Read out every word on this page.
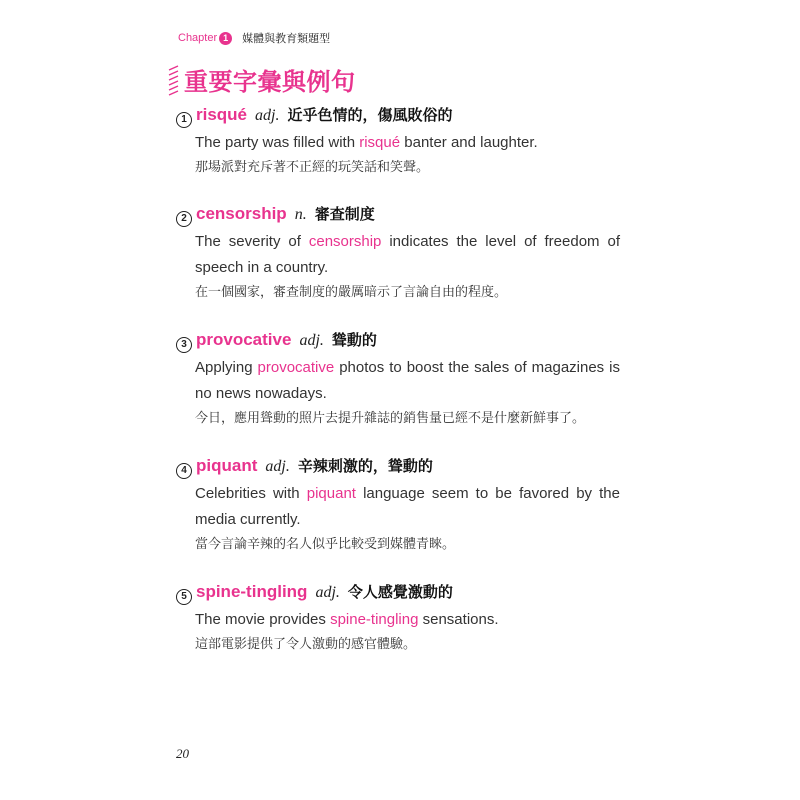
Chapter 1	媒體與教育類題型
重要字彙與例句
1 risqué adj. 近乎色情的，傷風敗俗的
The party was filled with risqué banter and laughter.
那場派對充斥著不正經的玩笑話和笑聲。
2 censorship n. 審查制度
The severity of censorship indicates the level of freedom of speech in a country.
在一個國家，審查制度的嚴厲暗示了言論自由的程度。
3 provocative adj. 聳動的
Applying provocative photos to boost the sales of magazines is no news nowadays.
今日，應用聳動的照片去提升雜誌的銷售量已經不是什麼新鮮事了。
4 piquant adj. 辛辣刺激的，聳動的
Celebrities with piquant language seem to be favored by the media currently.
當今言論辛辣的名人似乎比較受到媒體青睞。
5 spine-tingling adj. 令人感覺激動的
The movie provides spine-tingling sensations.
這部電影提供了令人激動的感官體驗。
20
